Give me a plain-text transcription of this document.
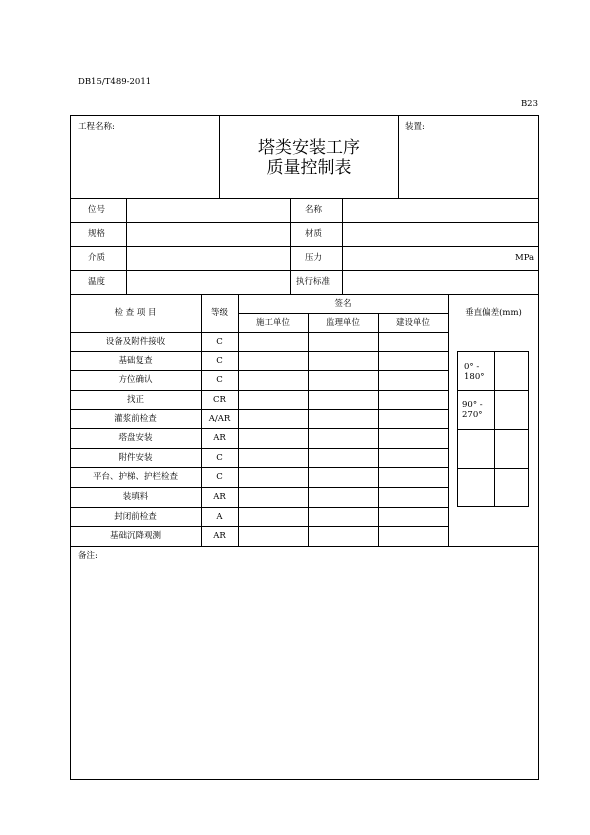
DB15/T489-2011
B23
工程名称:
塔类安装工序
质量控制表
装置:
位号	名称
规格	材质
介质	压力	MPa
温度	执行标准
检 查 项 目	等级
签名
施工单位	监理单位	建设单位
垂直偏差(mm)
设备及附件接收	C
基础复查	C
方位确认	C
找正	CR
灌浆前检查	A/AR
塔盘安装	AR
附件安装	C
平台、护梯、护栏检查	C
装填料	AR
封闭前检查	A
基础沉降观测	AR
0° -
180°
90° -
270°
备注:
